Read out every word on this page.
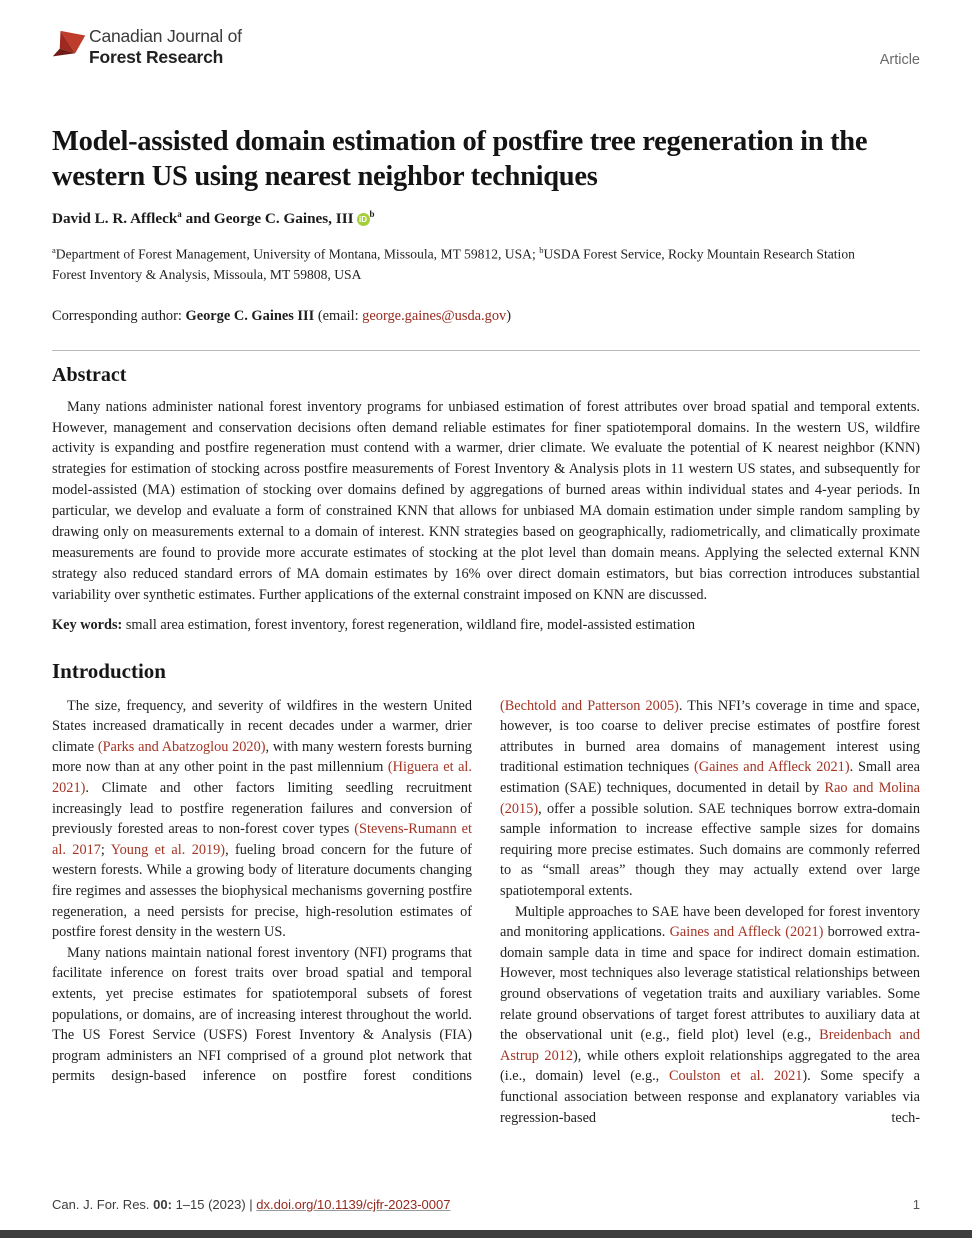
Canadian Journal of
Forest Research	Article
Model-assisted domain estimation of postfire tree regeneration in the western US using nearest neighbor techniques

David L. R. Affleck$^a$ and George C. Gaines, III $iD^b$

$^a$Department of Forest Management, University of Montana, Missoula, MT 59812, USA; $^b$USDA Forest Service, Rocky Mountain Research Station Forest Inventory & Analysis, Missoula, MT 59808, USA

Corresponding author: George C. Gaines III (email: george.gaines@usda.gov)

Abstract

Many nations administer national forest inventory programs for unbiased estimation of forest attributes over broad spatial and temporal extents. However, management and conservation decisions often demand reliable estimates for finer spatiotemporal domains. In the western US, wildfire activity is expanding and postfire regeneration must contend with a warmer, drier climate. We evaluate the potential of K nearest neighbor (KNN) strategies for estimation of stocking across postfire measurements of Forest Inventory & Analysis plots in 11 western US states, and subsequently for model-assisted (MA) estimation of stocking over domains defined by aggregations of burned areas within individual states and 4-year periods. In particular, we develop and evaluate a form of constrained KNN that allows for unbiased MA domain estimation under simple random sampling by drawing only on measurements external to a domain of interest. KNN strategies based on geographically, radiometrically, and climatically proximate measurements are found to provide more accurate estimates of stocking at the plot level than domain means. Applying the selected external KNN strategy also reduced standard errors of MA domain estimates by 16% over direct domain estimators, but bias correction introduces substantial variability over synthetic estimates. Further applications of the external constraint imposed on KNN are discussed.

Key words: small area estimation, forest inventory, forest regeneration, wildland fire, model-assisted estimation

Introduction

The size, frequency, and severity of wildfires in the western United States increased dramatically in recent decades under a warmer, drier climate (Parks and Abatzoglou 2020), with many western forests burning more now than at any other point in the past millennium (Higuera et al. 2021). Climate and other factors limiting seedling recruitment increasingly lead to postfire regeneration failures and conversion of previously forested areas to non-forest cover types (Stevens-Rumann et al. 2017; Young et al. 2019), fueling broad concern for the future of western forests. While a growing body of literature documents changing fire regimes and assesses the biophysical mechanisms governing postfire regeneration, a need persists for precise, high-resolution estimates of postfire forest density in the western US.

Many nations maintain national forest inventory (NFI) programs that facilitate inference on forest traits over broad spatial and temporal extents, yet precise estimates for spatiotemporal subsets of forest populations, or domains, are of increasing interest throughout the world. The US Forest Service (USFS) Forest Inventory & Analysis (FIA) program administers an NFI comprised of a ground plot network that permits design-based inference on postfire forest conditions

(Bechtold and Patterson 2005). This NFI’s coverage in time and space, however, is too coarse to deliver precise estimates of postfire forest attributes in burned area domains of management interest using traditional estimation techniques (Gaines and Affleck 2021). Small area estimation (SAE) techniques, documented in detail by Rao and Molina (2015), offer a possible solution. SAE techniques borrow extra-domain sample information to increase effective sample sizes for domains requiring more precise estimates. Such domains are commonly referred to as “small areas” though they may actually extend over large spatiotemporal extents.

Multiple approaches to SAE have been developed for forest inventory and monitoring applications. Gaines and Affleck (2021) borrowed extra-domain sample data in time and space for indirect domain estimation. However, most techniques also leverage statistical relationships between ground observations of vegetation traits and auxiliary variables. Some relate ground observations of target forest attributes to auxiliary data at the observational unit (e.g., field plot) level (e.g., Breidenbach and Astrup 2012), while others exploit relationships aggregated to the area (i.e., domain) level (e.g., Coulston et al. 2021). Some specify a functional association between response and explanatory variables via regression-based tech-

Can. J. For. Res. 00: 1–15 (2023) | dx.doi.org/10.1139/cjfr-2023-0007	1
